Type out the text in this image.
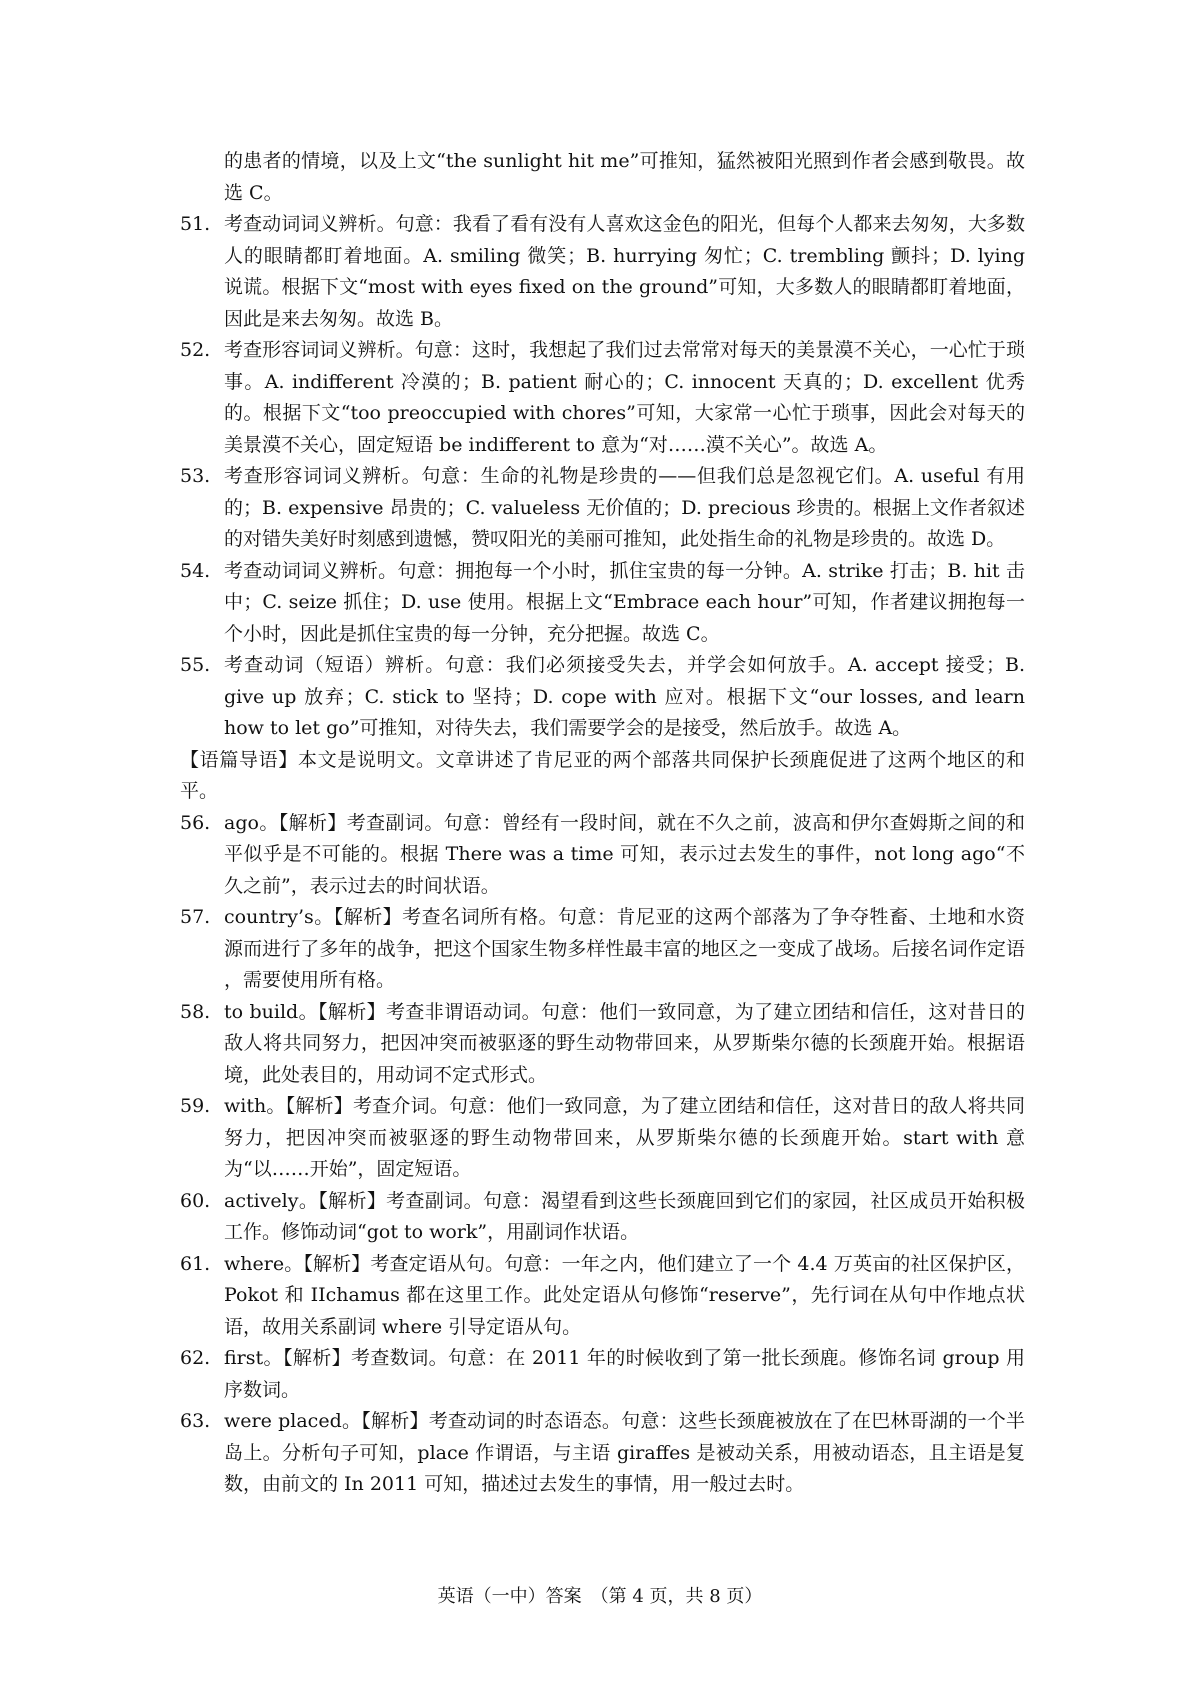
的患者的情境，以及上文“the sunlight hit me”可推知，猛然被阳光照到作者会感到敬畏。故选 C。

51. 考查动词词义辨析。句意：我看了看有没有人喜欢这金色的阳光，但每个人都来去匆匆，大多数人的眼睛都盯着地面。A. smiling 微笑；B. hurrying 匆忙；C. trembling 颤抖；D. lying 说谎。根据下文“most with eyes fixed on the ground”可知，大多数人的眼睛都盯着地面，因此是来去匆匆。故选 B。
52. 考查形容词词义辨析。句意：这时，我想起了我们过去常常对每天的美景漠不关心，一心忙于琐事。A. indifferent 冷漠的；B. patient 耐心的；C. innocent 天真的；D. excellent 优秀的。根据下文“too preoccupied with chores”可知，大家常一心忙于琐事，因此会对每天的美景漠不关心，固定短语 be indifferent to 意为“对……漠不关心”。故选 A。
53. 考查形容词词义辨析。句意：生命的礼物是珍贵的——但我们总是忽视它们。A. useful 有用的；B. expensive 昂贵的；C. valueless 无价值的；D. precious 珍贵的。根据上文作者叙述的对错失美好时刻感到遗憾，赞叹阳光的美丽可推知，此处指生命的礼物是珍贵的。故选 D。
54. 考查动词词义辨析。句意：拥抱每一个小时，抓住宝贵的每一分钟。A. strike 打击；B. hit 击中；C. seize 抓住；D. use 使用。根据上文“Embrace each hour”可知，作者建议拥抱每一个小时，因此是抓住宝贵的每一分钟，充分把握。故选 C。
55. 考查动词（短语）辨析。句意：我们必须接受失去，并学会如何放手。A. accept 接受；B. give up 放弃；C. stick to 坚持；D. cope with 应对。根据下文“our losses, and learn how to let go”可推知，对待失去，我们需要学会的是接受，然后放手。故选 A。

【语篇导语】本文是说明文。文章讲述了肯尼亚的两个部落共同保护长颈鹿促进了这两个地区的和平。

56. ago。【解析】考查副词。句意：曾经有一段时间，就在不久之前，波高和伊尔查姆斯之间的和平似乎是不可能的。根据 There was a time 可知，表示过去发生的事件，not long ago“不久之前”，表示过去的时间状语。
57. country’s。【解析】考查名词所有格。句意：肯尼亚的这两个部落为了争夺牲畜、土地和水资源而进行了多年的战争，把这个国家生物多样性最丰富的地区之一变成了战场。后接名词作定语 ，需要使用所有格。
58. to build。【解析】考查非谓语动词。句意：他们一致同意，为了建立团结和信任，这对昔日的敌人将共同努力，把因冲突而被驱逐的野生动物带回来，从罗斯柴尔德的长颈鹿开始。根据语境，此处表目的，用动词不定式形式。
59. with。【解析】考查介词。句意：他们一致同意，为了建立团结和信任，这对昔日的敌人将共同努力，把因冲突而被驱逐的野生动物带回来，从罗斯柴尔德的长颈鹿开始。start with 意为“以……开始”，固定短语。
60. actively。【解析】考查副词。句意：渴望看到这些长颈鹿回到它们的家园，社区成员开始积极工作。修饰动词“got to work”，用副词作状语。
61. where。【解析】考查定语从句。句意：一年之内，他们建立了一个 4.4 万英亩的社区保护区，Pokot 和 IIchamus 都在这里工作。此处定语从句修饰“reserve”，先行词在从句中作地点状语，故用关系副词 where 引导定语从句。
62. first。【解析】考查数词。句意：在 2011 年的时候收到了第一批长颈鹿。修饰名词 group 用序数词。
63. were placed。【解析】考查动词的时态语态。句意：这些长颈鹿被放在了在巴林哥湖的一个半岛上。分析句子可知，place 作谓语，与主语 giraffes 是被动关系，用被动语态，且主语是复数，由前文的 In 2011 可知，描述过去发生的事情，用一般过去时。
英语（一中）答案　（第 4 页，共 8 页）
